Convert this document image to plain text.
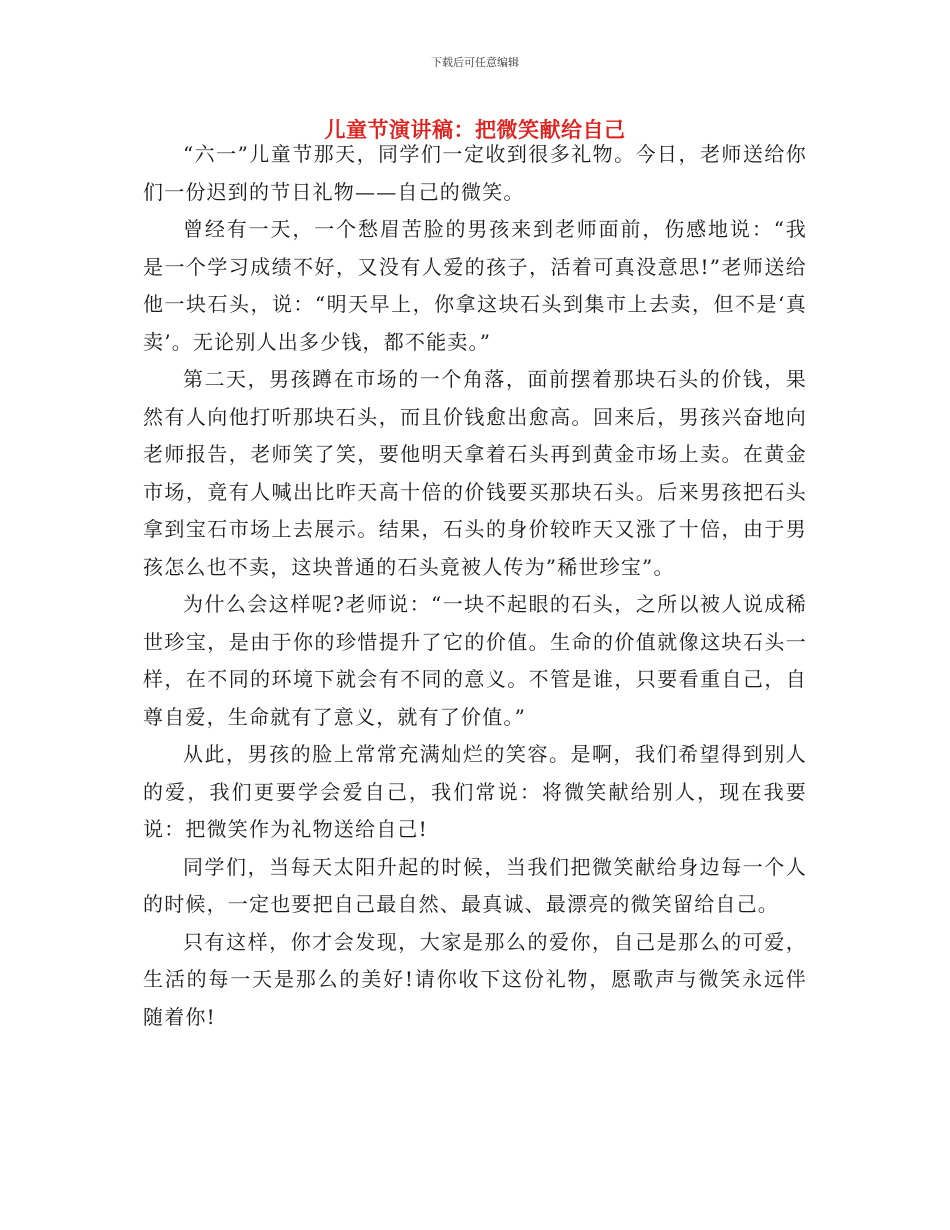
下载后可任意编辑
儿童节演讲稿：把微笑献给自己

“六一”儿童节那天，同学们一定收到很多礼物。今日，老师送给你们一份迟到的节日礼物——自己的微笑。

曾经有一天，一个愁眉苦脸的男孩来到老师面前，伤感地说：“我是一个学习成绩不好，又没有人爱的孩子，活着可真没意思!”老师送给他一块石头，说：“明天早上，你拿这块石头到集市上去卖，但不是‘真卖’。无论别人出多少钱，都不能卖。”

第二天，男孩蹲在市场的一个角落，面前摆着那块石头的价钱，果然有人向他打听那块石头，而且价钱愈出愈高。回来后，男孩兴奋地向老师报告，老师笑了笑，要他明天拿着石头再到黄金市场上卖。在黄金市场，竟有人喊出比昨天高十倍的价钱要买那块石头。后来男孩把石头拿到宝石市场上去展示。结果，石头的身价较昨天又涨了十倍，由于男孩怎么也不卖，这块普通的石头竟被人传为”稀世珍宝”。

为什么会这样呢?老师说：“一块不起眼的石头，之所以被人说成稀世珍宝，是由于你的珍惜提升了它的价值。生命的价值就像这块石头一样，在不同的环境下就会有不同的意义。不管是谁，只要看重自己，自尊自爱，生命就有了意义，就有了价值。”

从此，男孩的脸上常常充满灿烂的笑容。是啊，我们希望得到别人的爱，我们更要学会爱自己，我们常说：将微笑献给别人，现在我要说：把微笑作为礼物送给自己!

同学们，当每天太阳升起的时候，当我们把微笑献给身边每一个人的时候，一定也要把自己最自然、最真诚、最漂亮的微笑留给自己。

只有这样，你才会发现，大家是那么的爱你，自己是那么的可爱，生活的每一天是那么的美好!请你收下这份礼物，愿歌声与微笑永远伴随着你!
